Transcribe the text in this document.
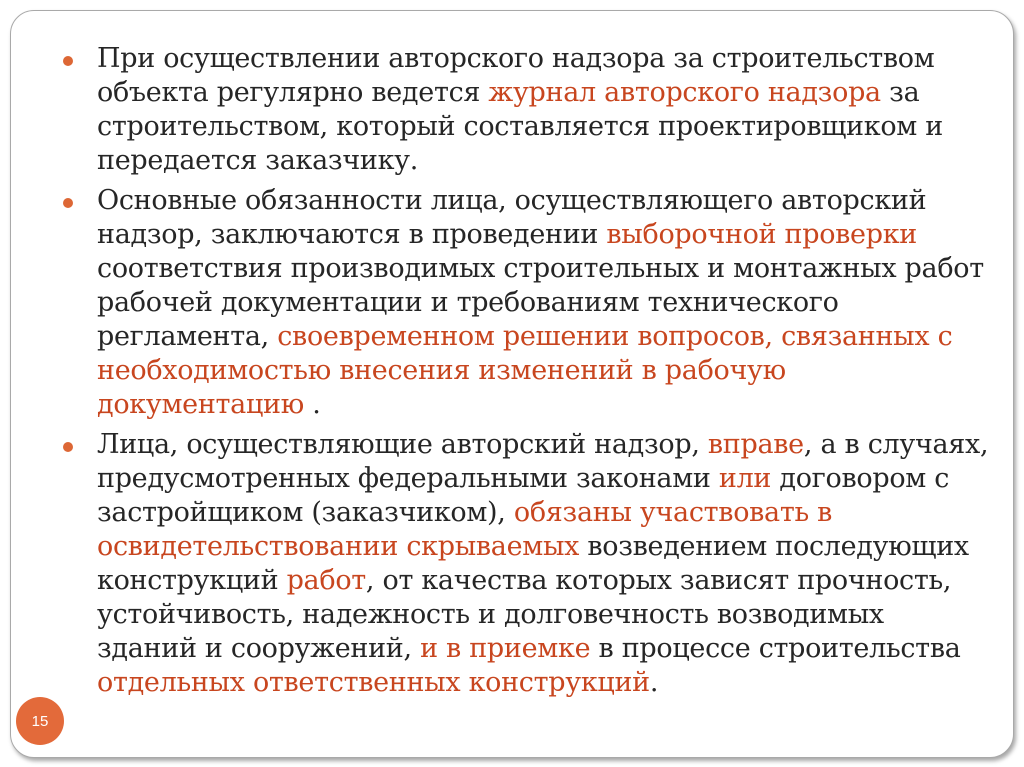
При осуществлении авторского надзора за строительством объекта регулярно ведется журнал авторского надзора за строительством, который составляется проектировщиком и передается заказчику.
Основные обязанности лица, осуществляющего авторский надзор, заключаются в проведении выборочной проверки соответствия производимых строительных и монтажных работ рабочей документации и требованиям технического регламента, своевременном решении вопросов, связанных с необходимостью внесения изменений в рабочую документацию .
Лица, осуществляющие авторский надзор, вправе, а в случаях, предусмотренных федеральными законами или договором с застройщиком (заказчиком), обязаны участвовать в освидетельствовании скрываемых возведением последующих конструкций работ, от качества которых зависят прочность, устойчивость, надежность и долговечность возводимых зданий и сооружений, и в приемке в процессе строительства отдельных ответственных конструкций.
15
